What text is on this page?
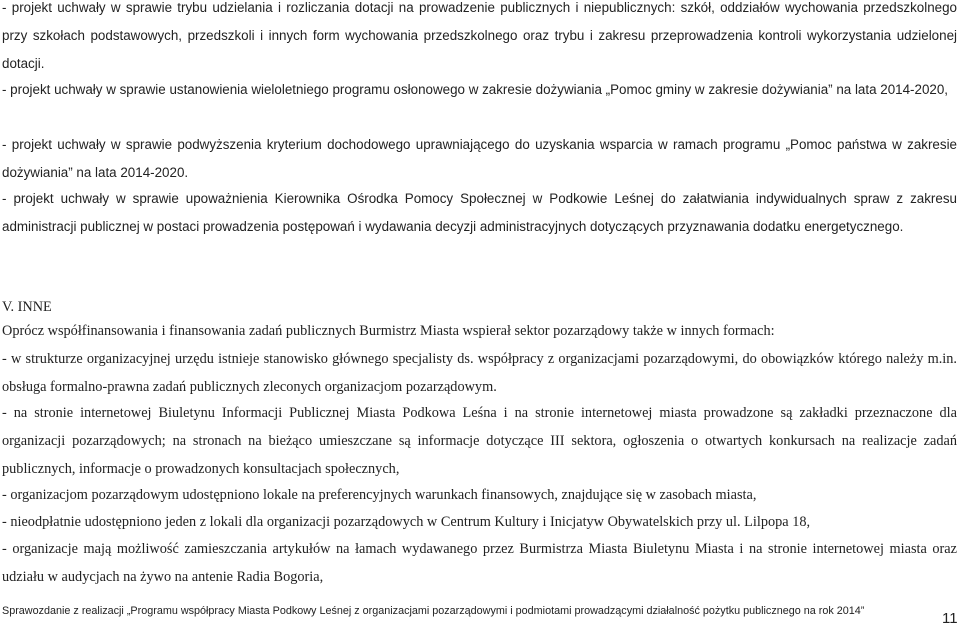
- projekt uchwały w sprawie trybu udzielania i rozliczania dotacji na prowadzenie publicznych i niepublicznych: szkół, oddziałów wychowania przedszkolnego przy szkołach podstawowych, przedszkoli i innych form wychowania przedszkolnego oraz trybu i zakresu przeprowadzenia kontroli wykorzystania udzielonej dotacji.

- projekt uchwały w sprawie ustanowienia wieloletniego programu osłonowego w zakresie dożywiania „Pomoc gminy w zakresie dożywiania” na lata 2014-2020,

- projekt uchwały w sprawie podwyższenia kryterium dochodowego uprawniającego do uzyskania wsparcia w ramach programu „Pomoc państwa w zakresie dożywiania” na lata 2014-2020.

- projekt uchwały w sprawie upoważnienia Kierownika Ośrodka Pomocy Społecznej w Podkowie Leśnej do załatwiania indywidualnych spraw z zakresu administracji publicznej w postaci prowadzenia postępowań i wydawania decyzji administracyjnych dotyczących przyznawania dodatku energetycznego.

V. INNE

Oprócz współfinansowania i finansowania zadań publicznych Burmistrz Miasta wspierał sektor pozarządowy także w innych formach:

- w strukturze organizacyjnej urzędu istnieje stanowisko głównego specjalisty ds. współpracy z organizacjami pozarządowymi, do obowiązków którego należy m.in. obsługa formalno-prawna zadań publicznych zleconych organizacjom pozarządowym.

- na stronie internetowej Biuletynu Informacji Publicznej Miasta Podkowa Leśna i na stronie internetowej miasta prowadzone są zakładki przeznaczone dla organizacji pozarządowych; na stronach na bieżąco umieszczane są informacje dotyczące III sektora, ogłoszenia o otwartych konkursach na realizacje zadań publicznych, informacje o prowadzonych konsultacjach społecznych,

- organizacjom pozarządowym udostępniono lokale na preferencyjnych warunkach finansowych, znajdujące się w zasobach miasta,

- nieodpłatnie udostępniono jeden z lokali dla organizacji pozarządowych w Centrum Kultury i Inicjatyw Obywatelskich przy ul. Lilpopa 18,

- organizacje mają możliwość zamieszczania artykułów na łamach wydawanego przez Burmistrza Miasta Biuletynu Miasta i na stronie internetowej miasta oraz udziału w audycjach na żywo na antenie Radia Bogoria,

Sprawozdanie z realizacji „Programu współpracy Miasta Podkowy Leśnej z organizacjami pozarządowymi i podmiotami prowadzącymi działalność pożytku publicznego na rok 2014”	11
